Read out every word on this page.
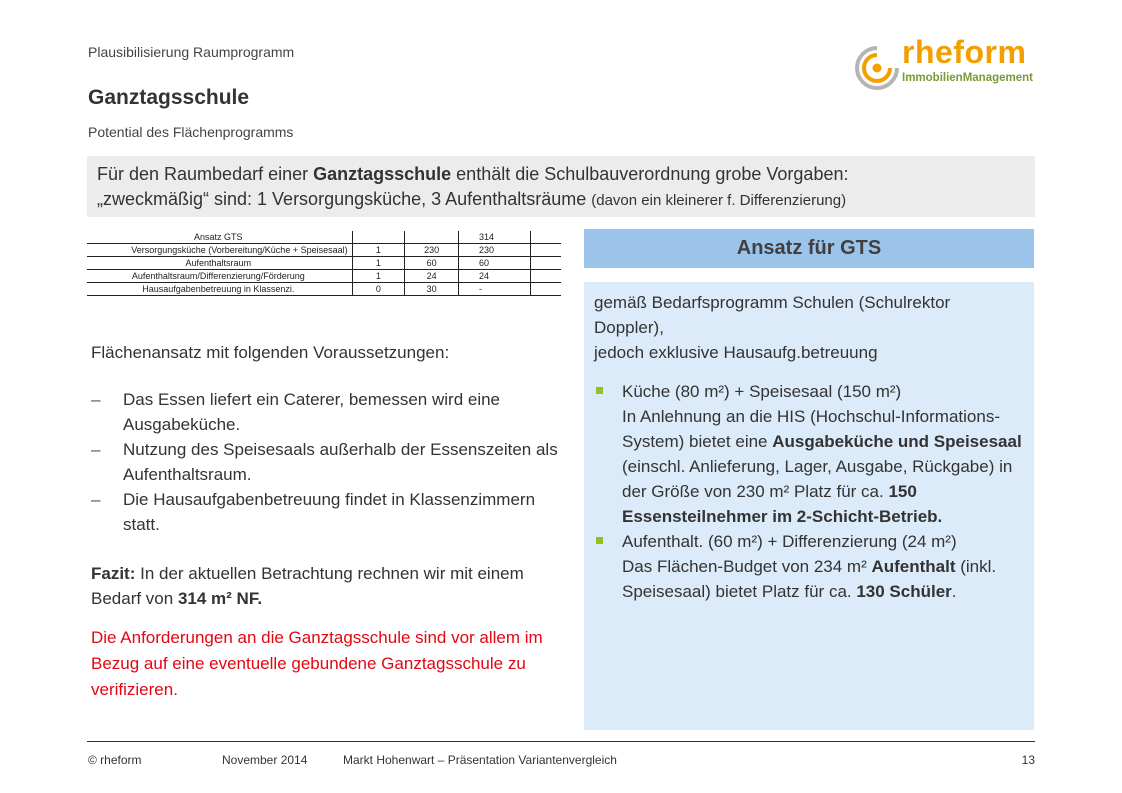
Plausibilisierung Raumprogramm
Ganztagsschule
Potential des Flächenprogramms
rheform
ImmobilienManagement
Für den Raumbedarf einer Ganztagsschule enthält die Schulbauverordnung grobe Vorgaben:
„zweckmäßig“ sind: 1 Versorgungsküche, 3 Aufenthaltsräume (davon ein kleinerer f. Differenzierung)
Ansatz GTS			314	
Versorgungsküche (Vorbereitung/Küche + Speisesaal)	1	230	230	
Aufenthaltsraum	1	60	60	
Aufenthaltsraum/Differenzierung/Förderung	1	24	24	
Hausaufgabenbetreuung in Klassenzi.	0	30	-	
Flächenansatz mit folgenden Voraussetzungen:
– Das Essen liefert ein Caterer, bemessen wird eine Ausgabeküche.
– Nutzung des Speisesaals außerhalb der Essenszeiten als Aufenthaltsraum.
– Die Hausaufgabenbetreuung findet in Klassenzimmern statt.
Fazit: In der aktuellen Betrachtung rechnen wir mit einem Bedarf von 314 m² NF.
Die Anforderungen an die Ganztagsschule sind vor allem im Bezug auf eine eventuelle gebundene Ganztagsschule zu verifizieren.
Ansatz für GTS
gemäß Bedarfsprogramm Schulen (Schulrektor Doppler),
jedoch exklusive Hausaufg.betreuung
Küche (80 m²) + Speisesaal (150 m²)
In Anlehnung an die HIS (Hochschul-Informations-System) bietet eine Ausgabeküche und Speisesaal (einschl. Anlieferung, Lager, Ausgabe, Rückgabe) in der Größe von 230 m² Platz für ca. 150 Essensteilnehmer im 2-Schicht-Betrieb.
Aufenthalt. (60 m²) + Differenzierung (24 m²)
Das Flächen-Budget von 234 m² Aufenthalt (inkl. Speisesaal) bietet Platz für ca. 130 Schüler.
© rheform	November 2014	Markt Hohenwart – Präsentation Variantenvergleich	13
